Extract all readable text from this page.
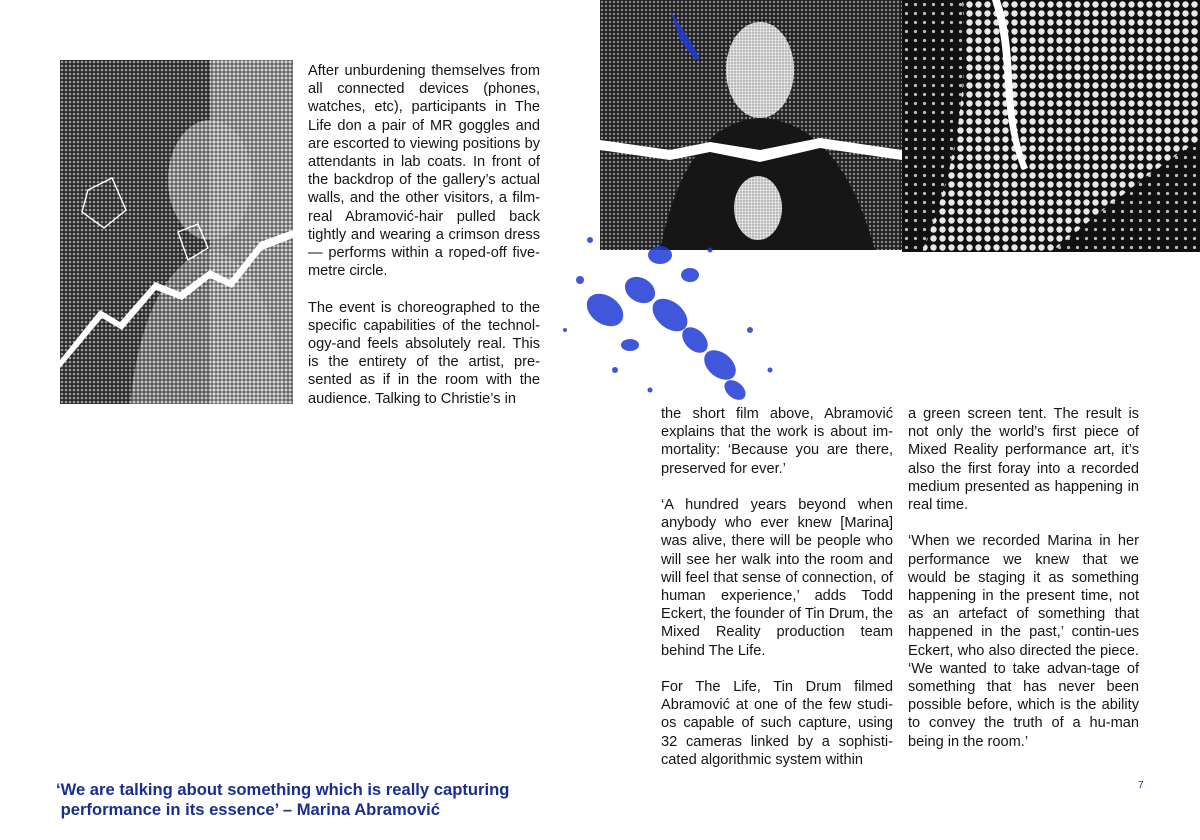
After unburdening themselves from all connected devices (phones, watches, etc), participants in The Life don a pair of MR goggles and are escorted to viewing positions by attendants in lab coats. In front of the backdrop of the gallery’s actual walls, and the other visitors, a film-real Abramović-hair pulled back tightly and wearing a crimson dress — performs within a roped-off five-metre circle.

The event is choreographed to the specific capabilities of the technol-ogy-and feels absolutely real. This is the entirety of the artist, pre-sented as if in the room with the audience. Talking to Christie’s in

the short film above, Abramović explains that the work is about im-mortality: ‘Because you are there, preserved for ever.’

‘A hundred years beyond when anybody who ever knew [Marina] was alive, there will be people who will see her walk into the room and will feel that sense of connection, of human experience,’ adds Todd Eckert, the founder of Tin Drum, the Mixed Reality production team behind The Life.

For The Life, Tin Drum filmed Abramović at one of the few studi-os capable of such capture, using 32 cameras linked by a sophisti-cated algorithmic system within

a green screen tent. The result is not only the world’s first piece of Mixed Reality performance art, it’s also the first foray into a recorded medium presented as happening in real time.

‘When we recorded Marina in her performance we knew that we would be staging it as something happening in the present time, not as an artefact of something that happened in the past,’ contin-ues Eckert, who also directed the piece. ‘We wanted to take advan-tage of something that has never been possible before, which is the ability to convey the truth of a hu-man being in the room.’

‘We are talking about something which is really capturing
performance in its essence’ – Marina Abramović
7
